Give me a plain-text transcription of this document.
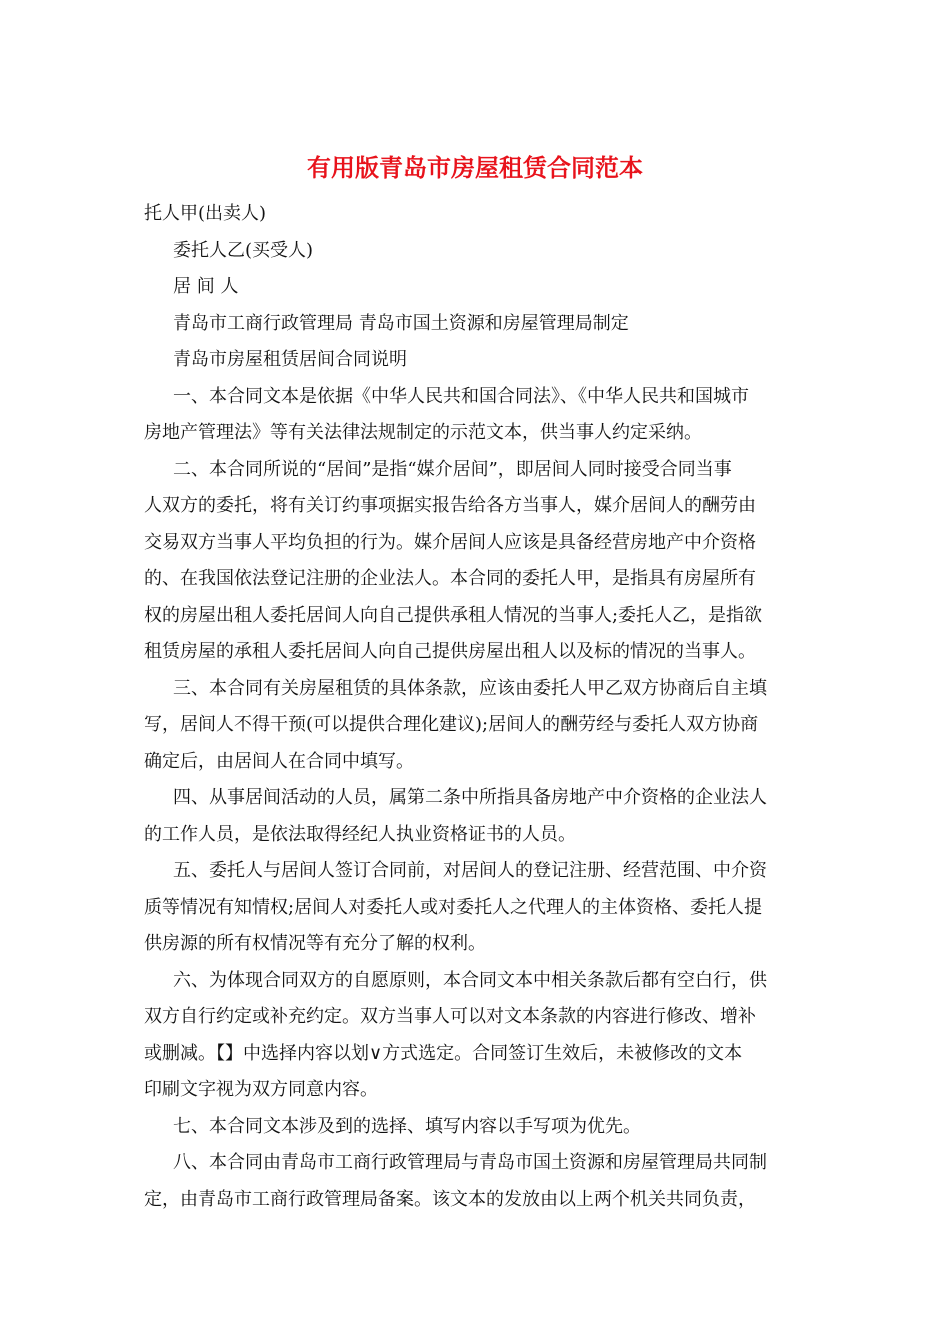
有用版青岛市房屋租赁合同范本
托人甲(出卖人)
委托人乙(买受人)
居 间 人
青岛市工商行政管理局 青岛市国土资源和房屋管理局制定
青岛市房屋租赁居间合同说明
一、本合同文本是依据《中华人民共和国合同法》、《中华人民共和国城市
房地产管理法》等有关法律法规制定的示范文本，供当事人约定采纳。
二、本合同所说的“居间”是指“媒介居间”，即居间人同时接受合同当事
人双方的委托，将有关订约事项据实报告给各方当事人，媒介居间人的酬劳由
交易双方当事人平均负担的行为。媒介居间人应该是具备经营房地产中介资格
的、在我国依法登记注册的企业法人。本合同的委托人甲，是指具有房屋所有
权的房屋出租人委托居间人向自己提供承租人情况的当事人;委托人乙，是指欲
租赁房屋的承租人委托居间人向自己提供房屋出租人以及标的情况的当事人。
三、本合同有关房屋租赁的具体条款，应该由委托人甲乙双方协商后自主填
写，居间人不得干预(可以提供合理化建议);居间人的酬劳经与委托人双方协商
确定后，由居间人在合同中填写。
四、从事居间活动的人员，属第二条中所指具备房地产中介资格的企业法人
的工作人员，是依法取得经纪人执业资格证书的人员。
五、委托人与居间人签订合同前，对居间人的登记注册、经营范围、中介资
质等情况有知情权;居间人对委托人或对委托人之代理人的主体资格、委托人提
供房源的所有权情况等有充分了解的权利。
六、为体现合同双方的自愿原则，本合同文本中相关条款后都有空白行，供
双方自行约定或补充约定。双方当事人可以对文本条款的内容进行修改、增补
或删减。【】中选择内容以划∨方式选定。合同签订生效后，未被修改的文本
印刷文字视为双方同意内容。
七、本合同文本涉及到的选择、填写内容以手写项为优先。
八、本合同由青岛市工商行政管理局与青岛市国土资源和房屋管理局共同制
定，由青岛市工商行政管理局备案。该文本的发放由以上两个机关共同负责，
